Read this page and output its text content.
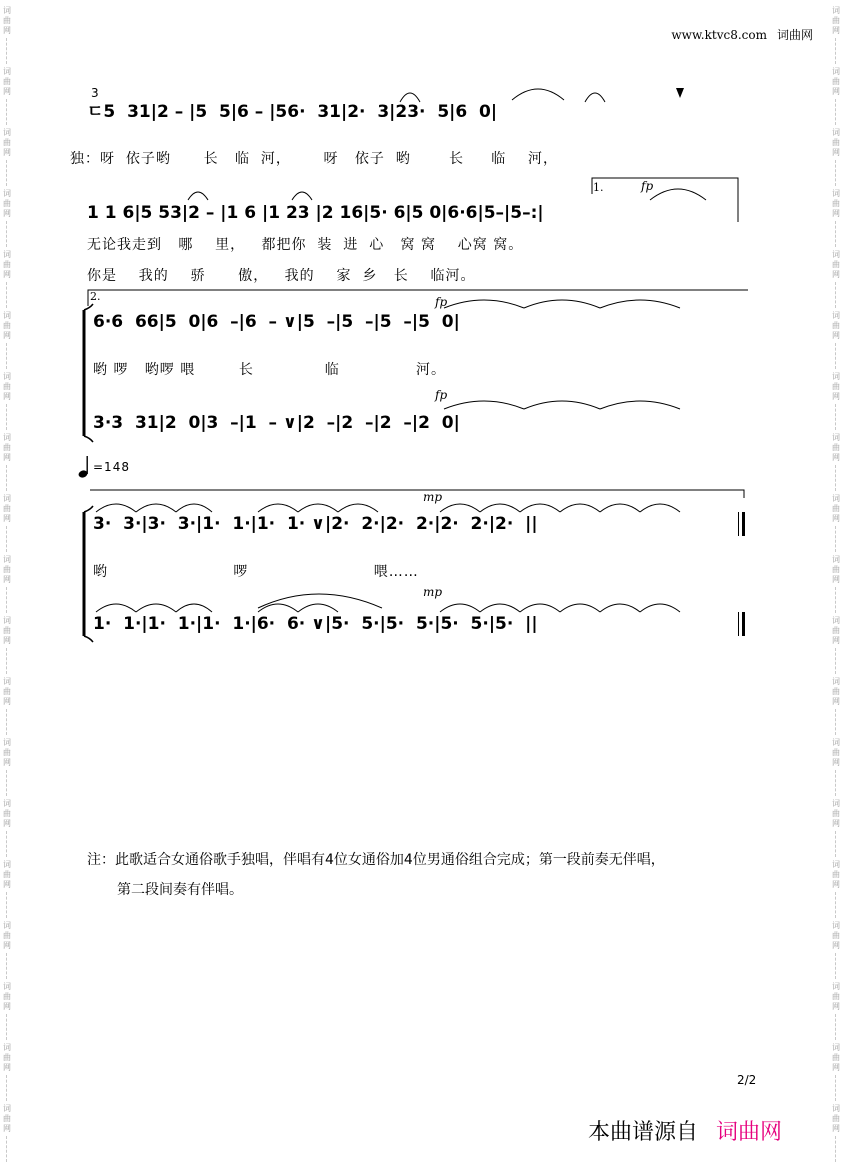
词
曲
网
词
曲
网
词
曲
网
词
曲
网
词
曲
网
词
曲
网
词
曲
网
词
曲
网
词
曲
网
词
曲
网
词
曲
网
词
曲
网
词
曲
网
词
曲
网
词
曲
网
词
曲
网
词
曲
网
词
曲
网
词
曲
网
词
曲
网
词
曲
网
词
曲
网
词
曲
网
词
曲
网
词
曲
网
词
曲
网
词
曲
网
词
曲
网
词
曲
网
词
曲
网
词
曲
网
词
曲
网
词
曲
网
词
曲
网
词
曲
网
词
曲
网
词
曲
网
词
曲
网
www.ktvc8.com 词曲网
3
ㄷ5  31|2 – |5  5|6 – |56·  31|2·  3|23·  5|6  0|
独：呀  依子哟      长   临  河，      呀   依子  哟       长     临    河，
1 1 6|5 53|2 – |1 6 |1 23 |2 16|5· 6|5 0|6·6|5–|5–:|
1.	fp
无论我走到   哪    里，   都把你  装  进  心   窝 窝    心窝 窝。
你是    我的    骄      傲，   我的    家  乡   长    临河。
2.	fp
6·6  66|5  0|6  –|6  – ∨|5  –|5  –|5  –|5  0|
哟 啰   哟啰 喂        长             临              河。
fp
3·3  31|2  0|3  –|1  – ∨|2  –|2  –|2  –|2  0|
=148
mp
3·  3·|3·  3·|1·  1·|1·  1· ∨|2·  2·|2·  2·|2·  2·|2·  ||
哟                       啰                       喂……
mp
1·  1·|1·  1·|1·  1·|6·  6· ∨|5·  5·|5·  5·|5·  5·|5·  ||
注：此歌适合女通俗歌手独唱，伴唱有4位女通俗加4位男通俗组合完成；第一段前奏无伴唱，
第二段间奏有伴唱。
2/2
本曲谱源自 词曲网
